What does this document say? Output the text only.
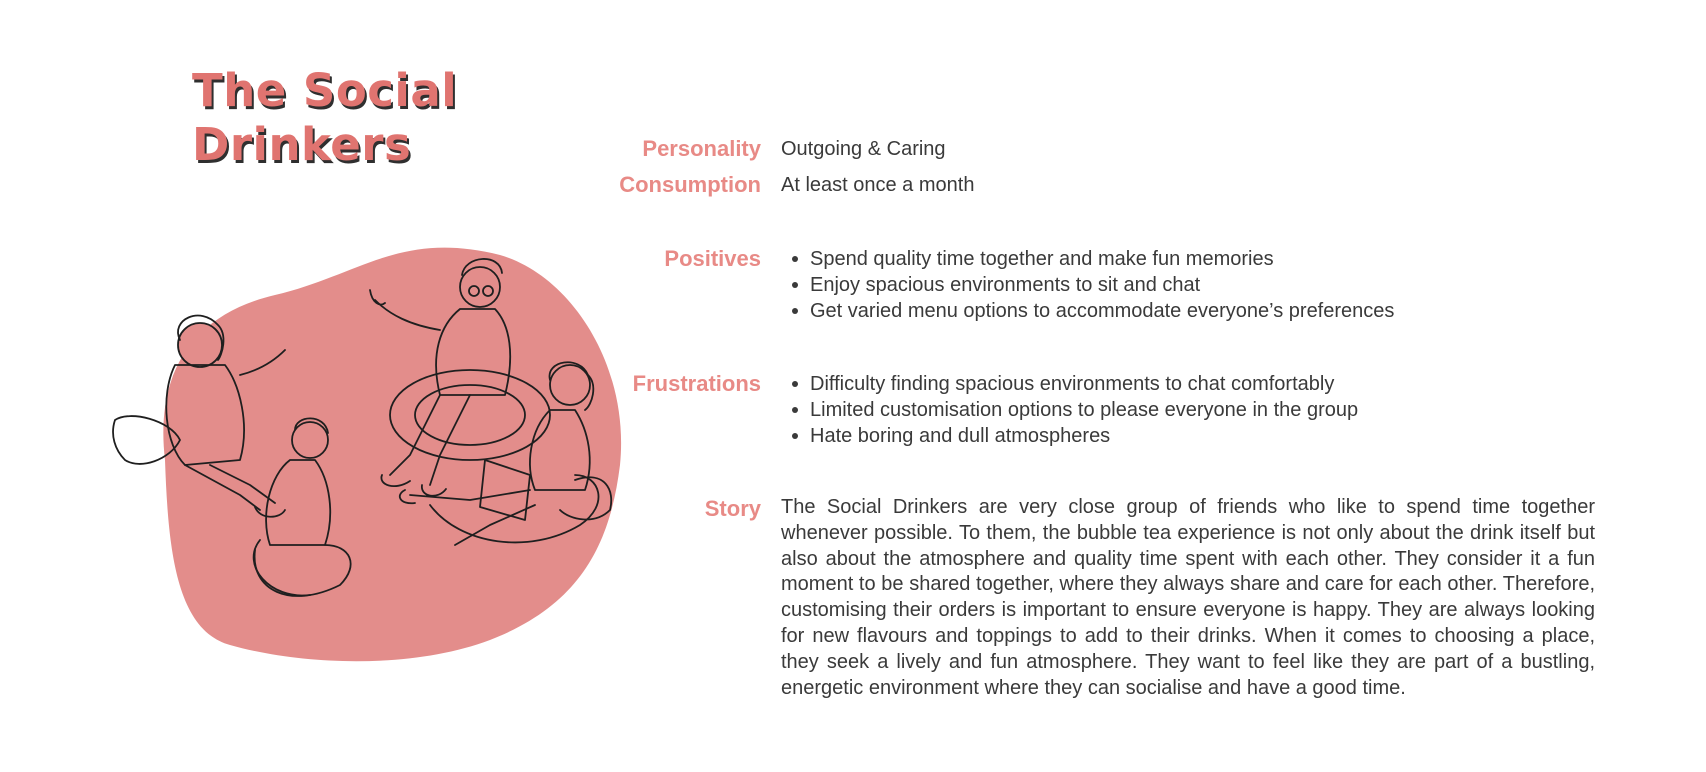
The Social
Drinkers	Personality Outgoing & Caring
Consumption At least once a month
Positives Spend quality time together and make fun memories
Enjoy spacious environments to sit and chat
Get varied menu options to accommodate everyone’s preferences
Frustrations Difficulty finding spacious environments to chat comfortably
Limited customisation options to please everyone in the group
Hate boring and dull atmospheres
Story The Social Drinkers are very close group of friends who like to spend time together whenever possible. To them, the bubble tea experience is not only about the drink itself but also about the atmosphere and quality time spent with each other. They consider it a fun moment to be shared together, where they always share and care for each other. Therefore, customising their orders is important to ensure everyone is happy. They are always looking for new flavours and toppings to add to their drinks. When it comes to choosing a place, they seek a lively and fun atmosphere. They want to feel like they are part of a bustling, energetic environment where they can socialise and have a good time.
